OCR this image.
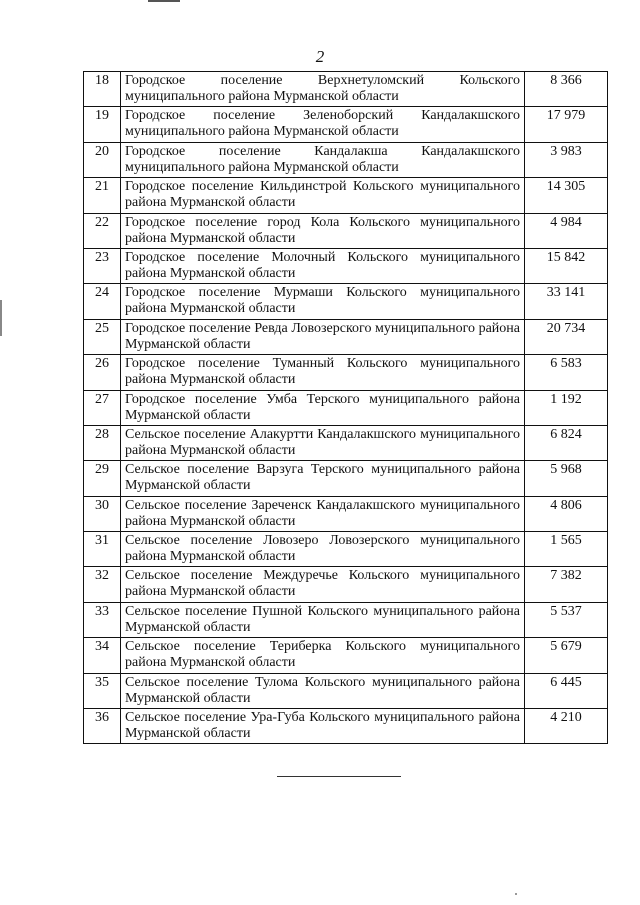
2
18	Городское поселение Верхнетуломский Кольского муниципального района Мурманской области	8 366
19	Городское поселение Зеленоборский Кандалакшского муниципального района Мурманской области	17 979
20	Городское поселение Кандалакша Кандалакшского муниципального района Мурманской области	3 983
21	Городское поселение Кильдинстрой Кольского муниципального района Мурманской области	14 305
22	Городское поселение город Кола Кольского муниципального района Мурманской области	4 984
23	Городское поселение Молочный Кольского муниципального района Мурманской области	15 842
24	Городское поселение Мурмаши Кольского муниципального района Мурманской области	33 141
25	Городское поселение Ревда Ловозерского муниципального района Мурманской области	20 734
26	Городское поселение Туманный Кольского муниципального района Мурманской области	6 583
27	Городское поселение Умба Терского муниципального района Мурманской области	1 192
28	Сельское поселение Алакуртти Кандалакшского муниципального района Мурманской области	6 824
29	Сельское поселение Варзуга Терского муниципального района Мурманской области	5 968
30	Сельское поселение Зареченск Кандалакшского муниципального района Мурманской области	4 806
31	Сельское поселение Ловозеро Ловозерского муниципального района Мурманской области	1 565
32	Сельское поселение Междуречье Кольского муниципального района Мурманской области	7 382
33	Сельское поселение Пушной Кольского муниципального района Мурманской области	5 537
34	Сельское поселение Териберка Кольского муниципального района Мурманской области	5 679
35	Сельское поселение Тулома Кольского муниципального района Мурманской области	6 445
36	Сельское поселение Ура-Губа Кольского муниципального района Мурманской области	4 210
